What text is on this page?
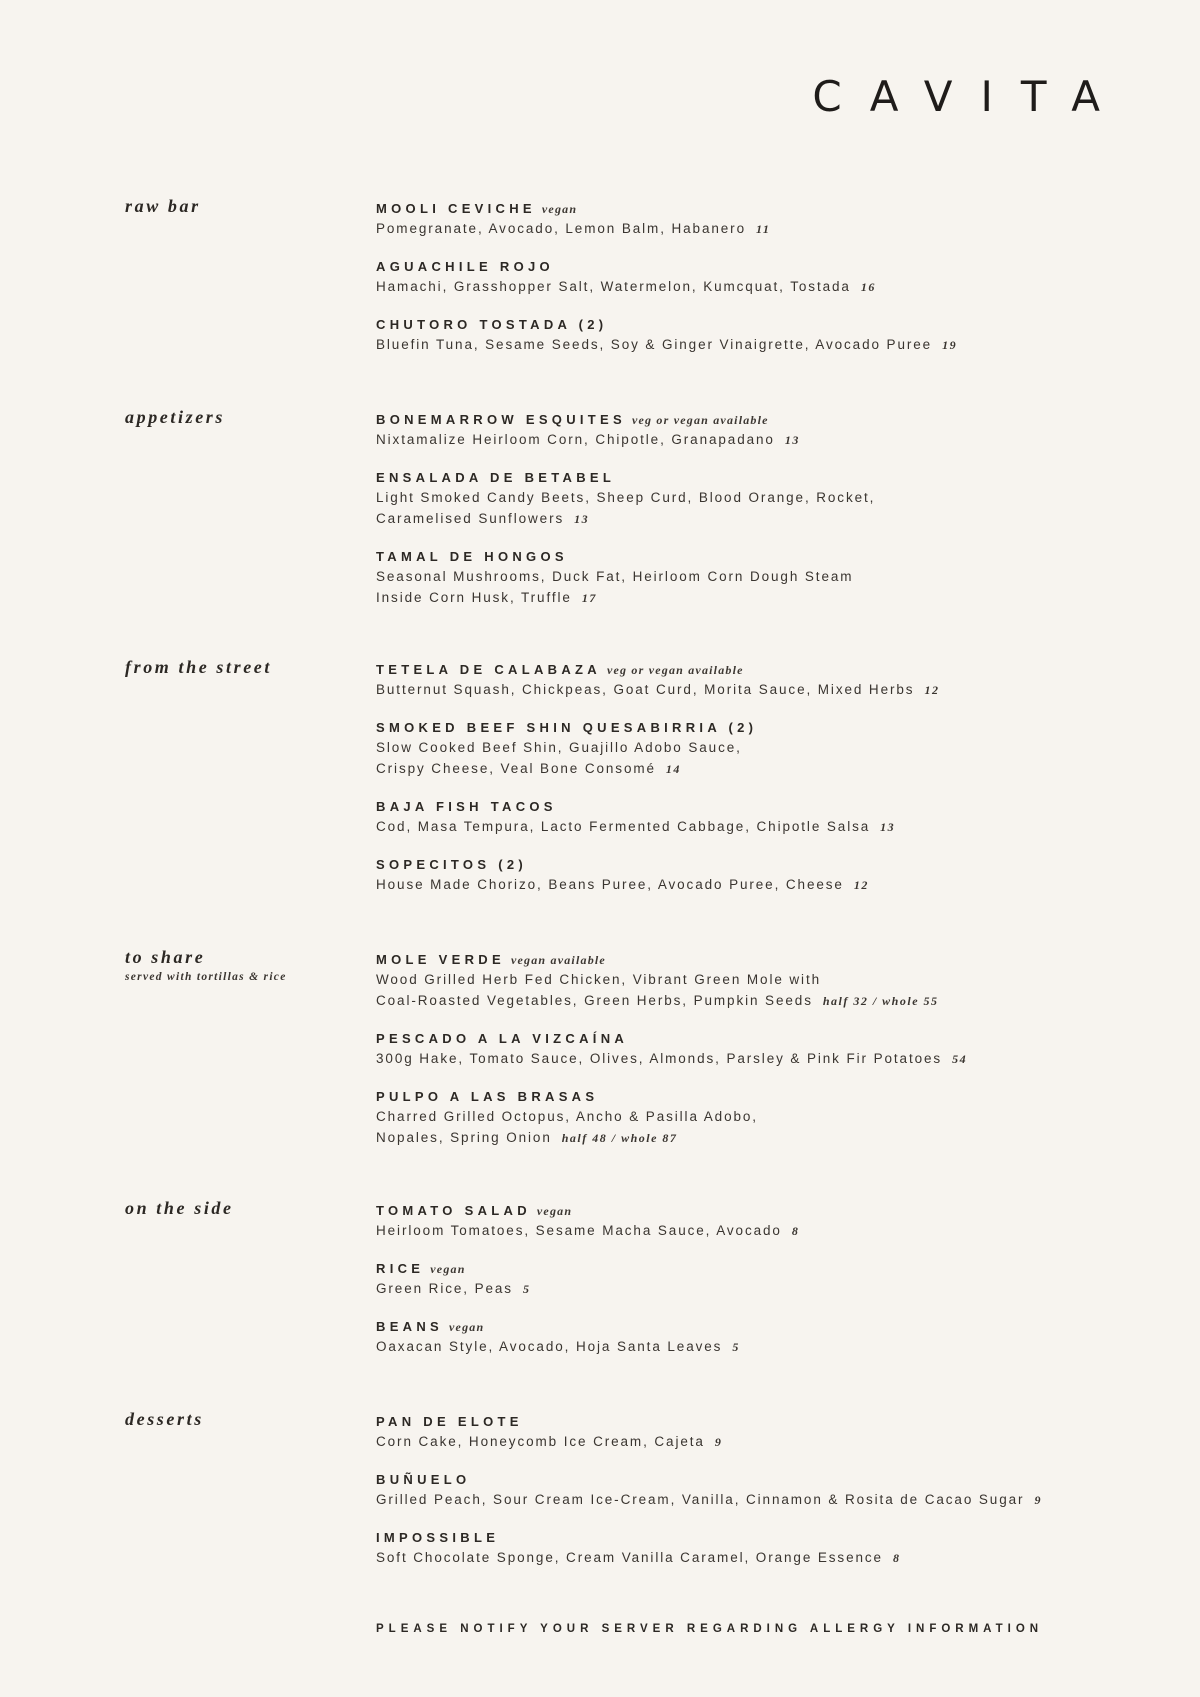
CAVITA
raw bar	MOOLI CEVICHE vegan
Pomegranate, Avocado, Lemon Balm, Habanero 11
AGUACHILE ROJO
Hamachi, Grasshopper Salt, Watermelon, Kumcquat, Tostada 16
CHUTORO TOSTADA (2)
Bluefin Tuna, Sesame Seeds, Soy & Ginger Vinaigrette, Avocado Puree 19
appetizers	BONEMARROW ESQUITES veg or vegan available
Nixtamalize Heirloom Corn, Chipotle, Granapadano 13
ENSALADA DE BETABEL
Light Smoked Candy Beets, Sheep Curd, Blood Orange, Rocket,
Caramelised Sunflowers 13
TAMAL DE HONGOS
Seasonal Mushrooms, Duck Fat, Heirloom Corn Dough Steam
Inside Corn Husk, Truffle 17
from the street	TETELA DE CALABAZA veg or vegan available
Butternut Squash, Chickpeas, Goat Curd, Morita Sauce, Mixed Herbs 12
SMOKED BEEF SHIN QUESABIRRIA (2)
Slow Cooked Beef Shin, Guajillo Adobo Sauce,
Crispy Cheese, Veal Bone Consomé 14
BAJA FISH TACOS
Cod, Masa Tempura, Lacto Fermented Cabbage, Chipotle Salsa 13
SOPECITOS (2)
House Made Chorizo, Beans Puree, Avocado Puree, Cheese 12
to share
served with tortillas & rice
MOLE VERDE vegan available
Wood Grilled Herb Fed Chicken, Vibrant Green Mole with
Coal-Roasted Vegetables, Green Herbs, Pumpkin Seeds half 32 / whole 55
PESCADO A LA VIZCAÍNA
300g Hake, Tomato Sauce, Olives, Almonds, Parsley & Pink Fir Potatoes 54
PULPO A LAS BRASAS
Charred Grilled Octopus, Ancho & Pasilla Adobo,
Nopales, Spring Onion half 48 / whole 87
on the side	TOMATO SALAD vegan
Heirloom Tomatoes, Sesame Macha Sauce, Avocado 8
RICE vegan
Green Rice, Peas 5
BEANS vegan
Oaxacan Style, Avocado, Hoja Santa Leaves 5
desserts	PAN DE ELOTE
Corn Cake, Honeycomb Ice Cream, Cajeta 9
BUÑUELO
Grilled Peach, Sour Cream Ice-Cream, Vanilla, Cinnamon & Rosita de Cacao Sugar 9
IMPOSSIBLE
Soft Chocolate Sponge, Cream Vanilla Caramel, Orange Essence 8
PLEASE NOTIFY YOUR SERVER REGARDING ALLERGY INFORMATION
